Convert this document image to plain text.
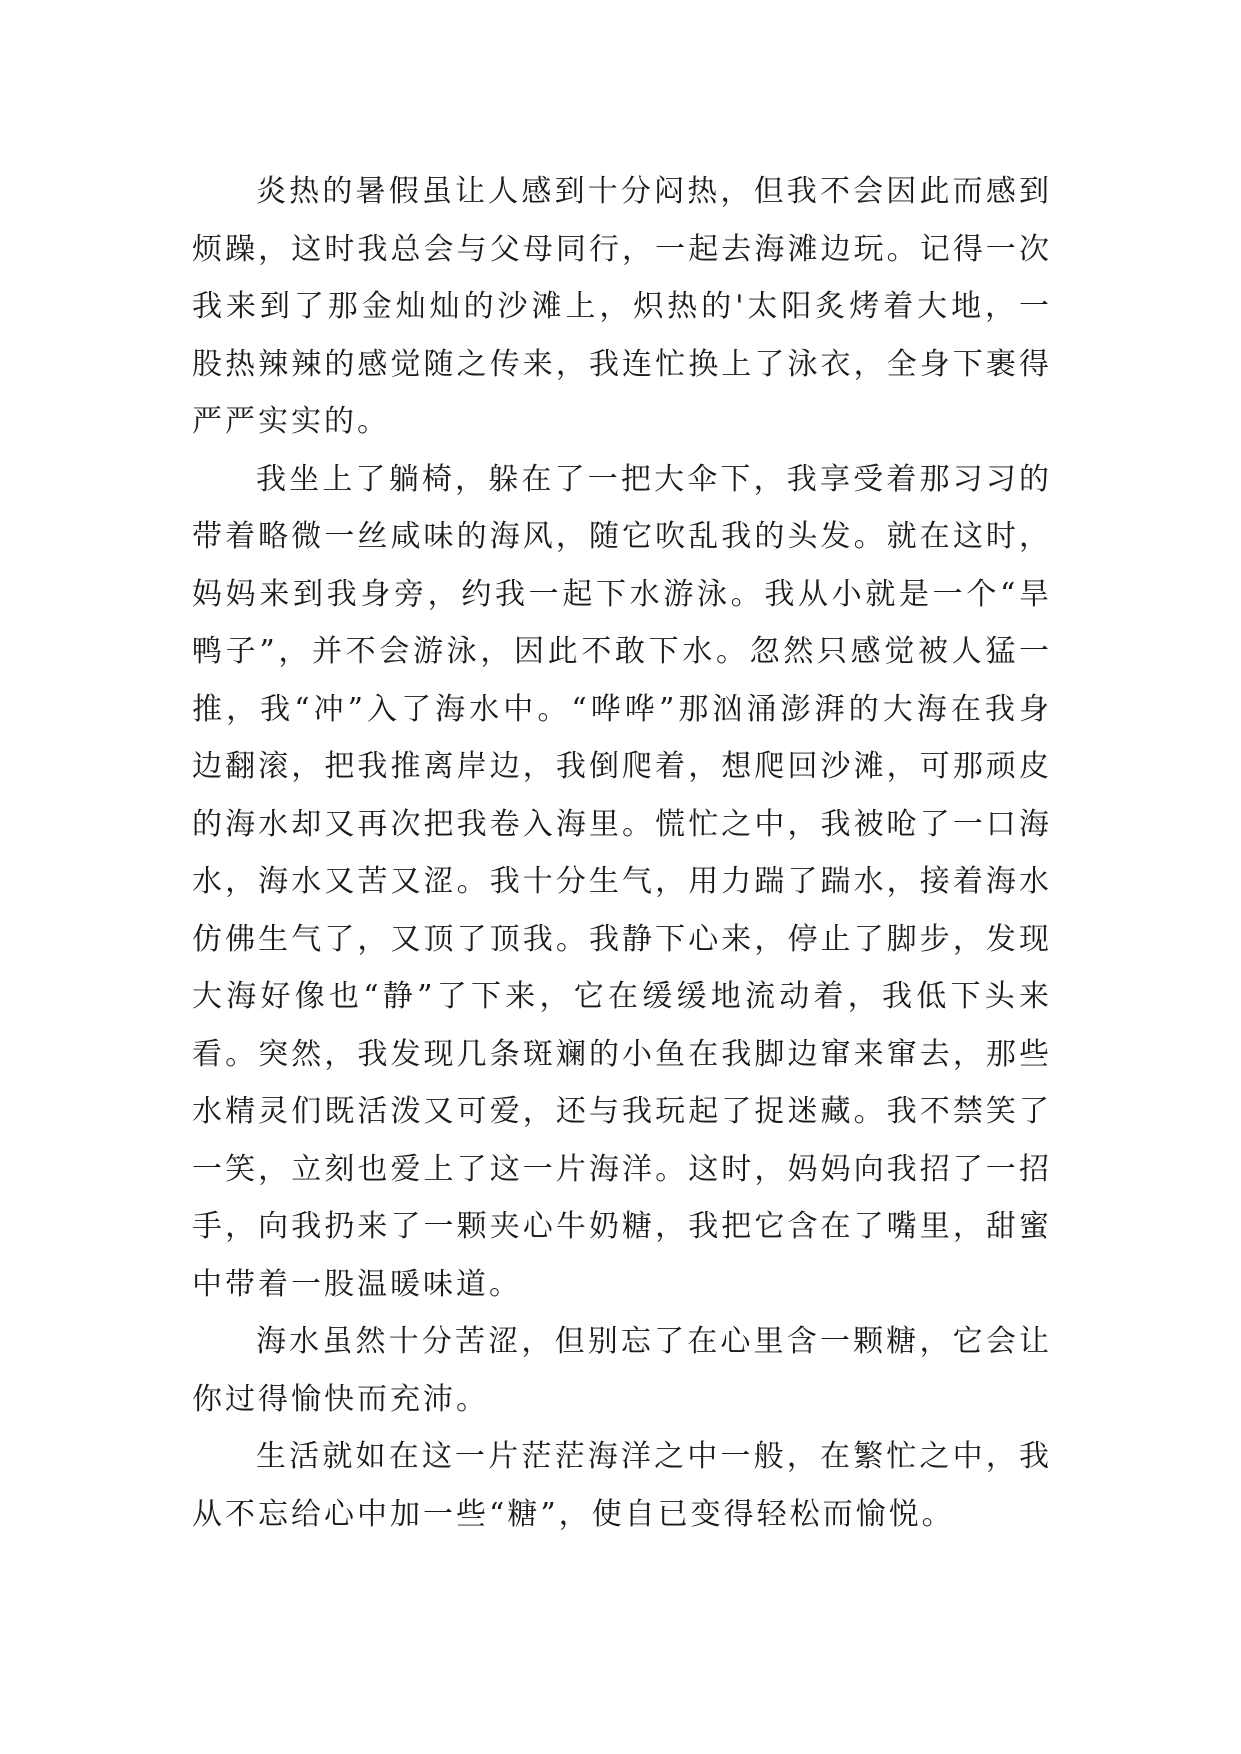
炎热的暑假虽让人感到十分闷热，但我不会因此而感到烦躁，这时我总会与父母同行，一起去海滩边玩。记得一次我来到了那金灿灿的沙滩上，炽热的'太阳炙烤着大地，一股热辣辣的感觉随之传来，我连忙换上了泳衣，全身下裹得严严实实的。

我坐上了躺椅，躲在了一把大伞下，我享受着那习习的带着略微一丝咸味的海风，随它吹乱我的头发。就在这时，妈妈来到我身旁，约我一起下水游泳。我从小就是一个“旱鸭子”，并不会游泳，因此不敢下水。忽然只感觉被人猛一推，我“冲”入了海水中。“哗哗”那汹涌澎湃的大海在我身边翻滚，把我推离岸边，我倒爬着，想爬回沙滩，可那顽皮的海水却又再次把我卷入海里。慌忙之中，我被呛了一口海水，海水又苦又涩。我十分生气，用力踹了踹水，接着海水仿佛生气了，又顶了顶我。我静下心来，停止了脚步，发现大海好像也“静”了下来，它在缓缓地流动着，我低下头来看。突然，我发现几条斑斓的小鱼在我脚边窜来窜去，那些水精灵们既活泼又可爱，还与我玩起了捉迷藏。我不禁笑了一笑，立刻也爱上了这一片海洋。这时，妈妈向我招了一招手，向我扔来了一颗夹心牛奶糖，我把它含在了嘴里，甜蜜中带着一股温暖味道。

海水虽然十分苦涩，但别忘了在心里含一颗糖，它会让你过得愉快而充沛。

生活就如在这一片茫茫海洋之中一般，在繁忙之中，我从不忘给心中加一些“糖”，使自已变得轻松而愉悦。
